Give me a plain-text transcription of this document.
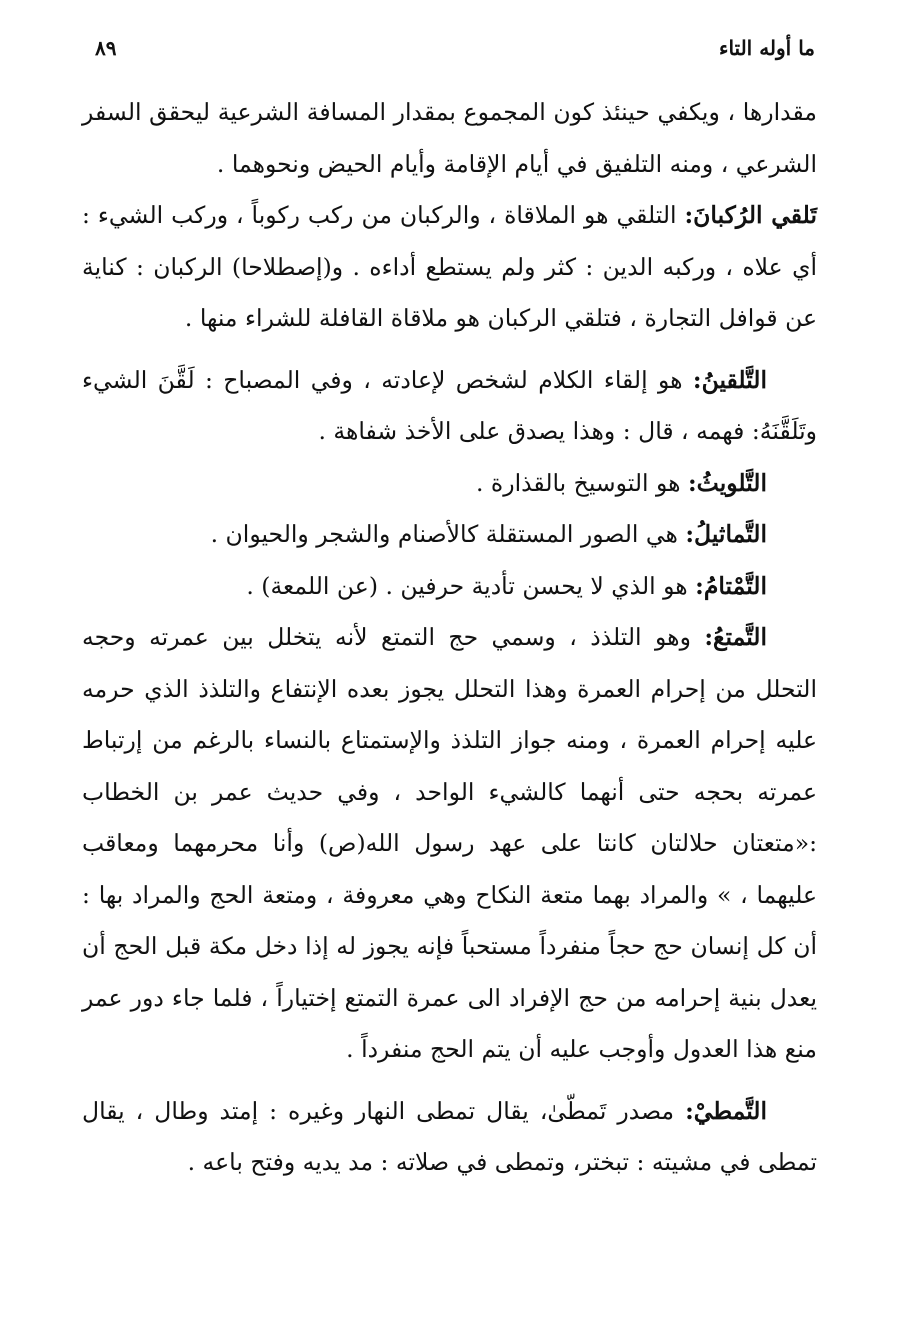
ما أوله التاء
٨٩

مقدارها ، ويكفي حينئذ كون المجموع بمقدار المسافة الشرعية ليحقق السفر الشرعي ، ومنه التلفيق في أيام الإقامة وأيام الحيض ونحوهما .

تَلقي الرُكبانَ: التلقي هو الملاقاة ، والركبان من ركب ركوباً ، وركب الشيء : أي علاه ، وركبه الدين : كثر ولم يستطع أداءه . و(إصطلاحا) الركبان : كناية عن قوافل التجارة ، فتلقي الركبان هو ملاقاة القافلة للشراء منها .

التَّلقينُ: هو إلقاء الكلام لشخص لإعادته ، وفي المصباح : لَقَّنَ الشيء وتَلَقَّنَهُ: فهمه ، قال : وهذا يصدق على الأخذ شفاهة .

التَّلويثُ: هو التوسيخ بالقذارة .

التَّماثيلُ: هي الصور المستقلة كالأصنام والشجر والحيوان .

التَّمْتامُ: هو الذي لا يحسن تأدية حرفين . (عن اللمعة) .

التَّمتعُ: وهو التلذذ ، وسمي حج التمتع لأنه يتخلل بين عمرته وحجه التحلل من إحرام العمرة وهذا التحلل يجوز بعده الإنتفاع والتلذذ الذي حرمه عليه إحرام العمرة ، ومنه جواز التلذذ والإستمتاع بالنساء بالرغم من إرتباط عمرته بحجه حتى أنهما كالشيء الواحد ، وفي حديث عمر بن الخطاب :«متعتان حلالتان كانتا على عهد رسول الله(ص) وأنا محرمهما ومعاقب عليهما ، » والمراد بهما متعة النكاح وهي معروفة ، ومتعة الحج والمراد بها : أن كل إنسان حج حجاً منفرداً مستحباً فإنه يجوز له إذا دخل مكة قبل الحج أن يعدل بنية إحرامه من حج الإفراد الى عمرة التمتع إختياراً ، فلما جاء دور عمر منع هذا العدول وأوجب عليه أن يتم الحج منفرداً .

التَّمطيْ: مصدر تَمطّىٰ، يقال تمطى النهار وغيره : إمتد وطال ، يقال تمطى في مشيته : تبختر، وتمطى في صلاته : مد يديه وفتح باعه .
